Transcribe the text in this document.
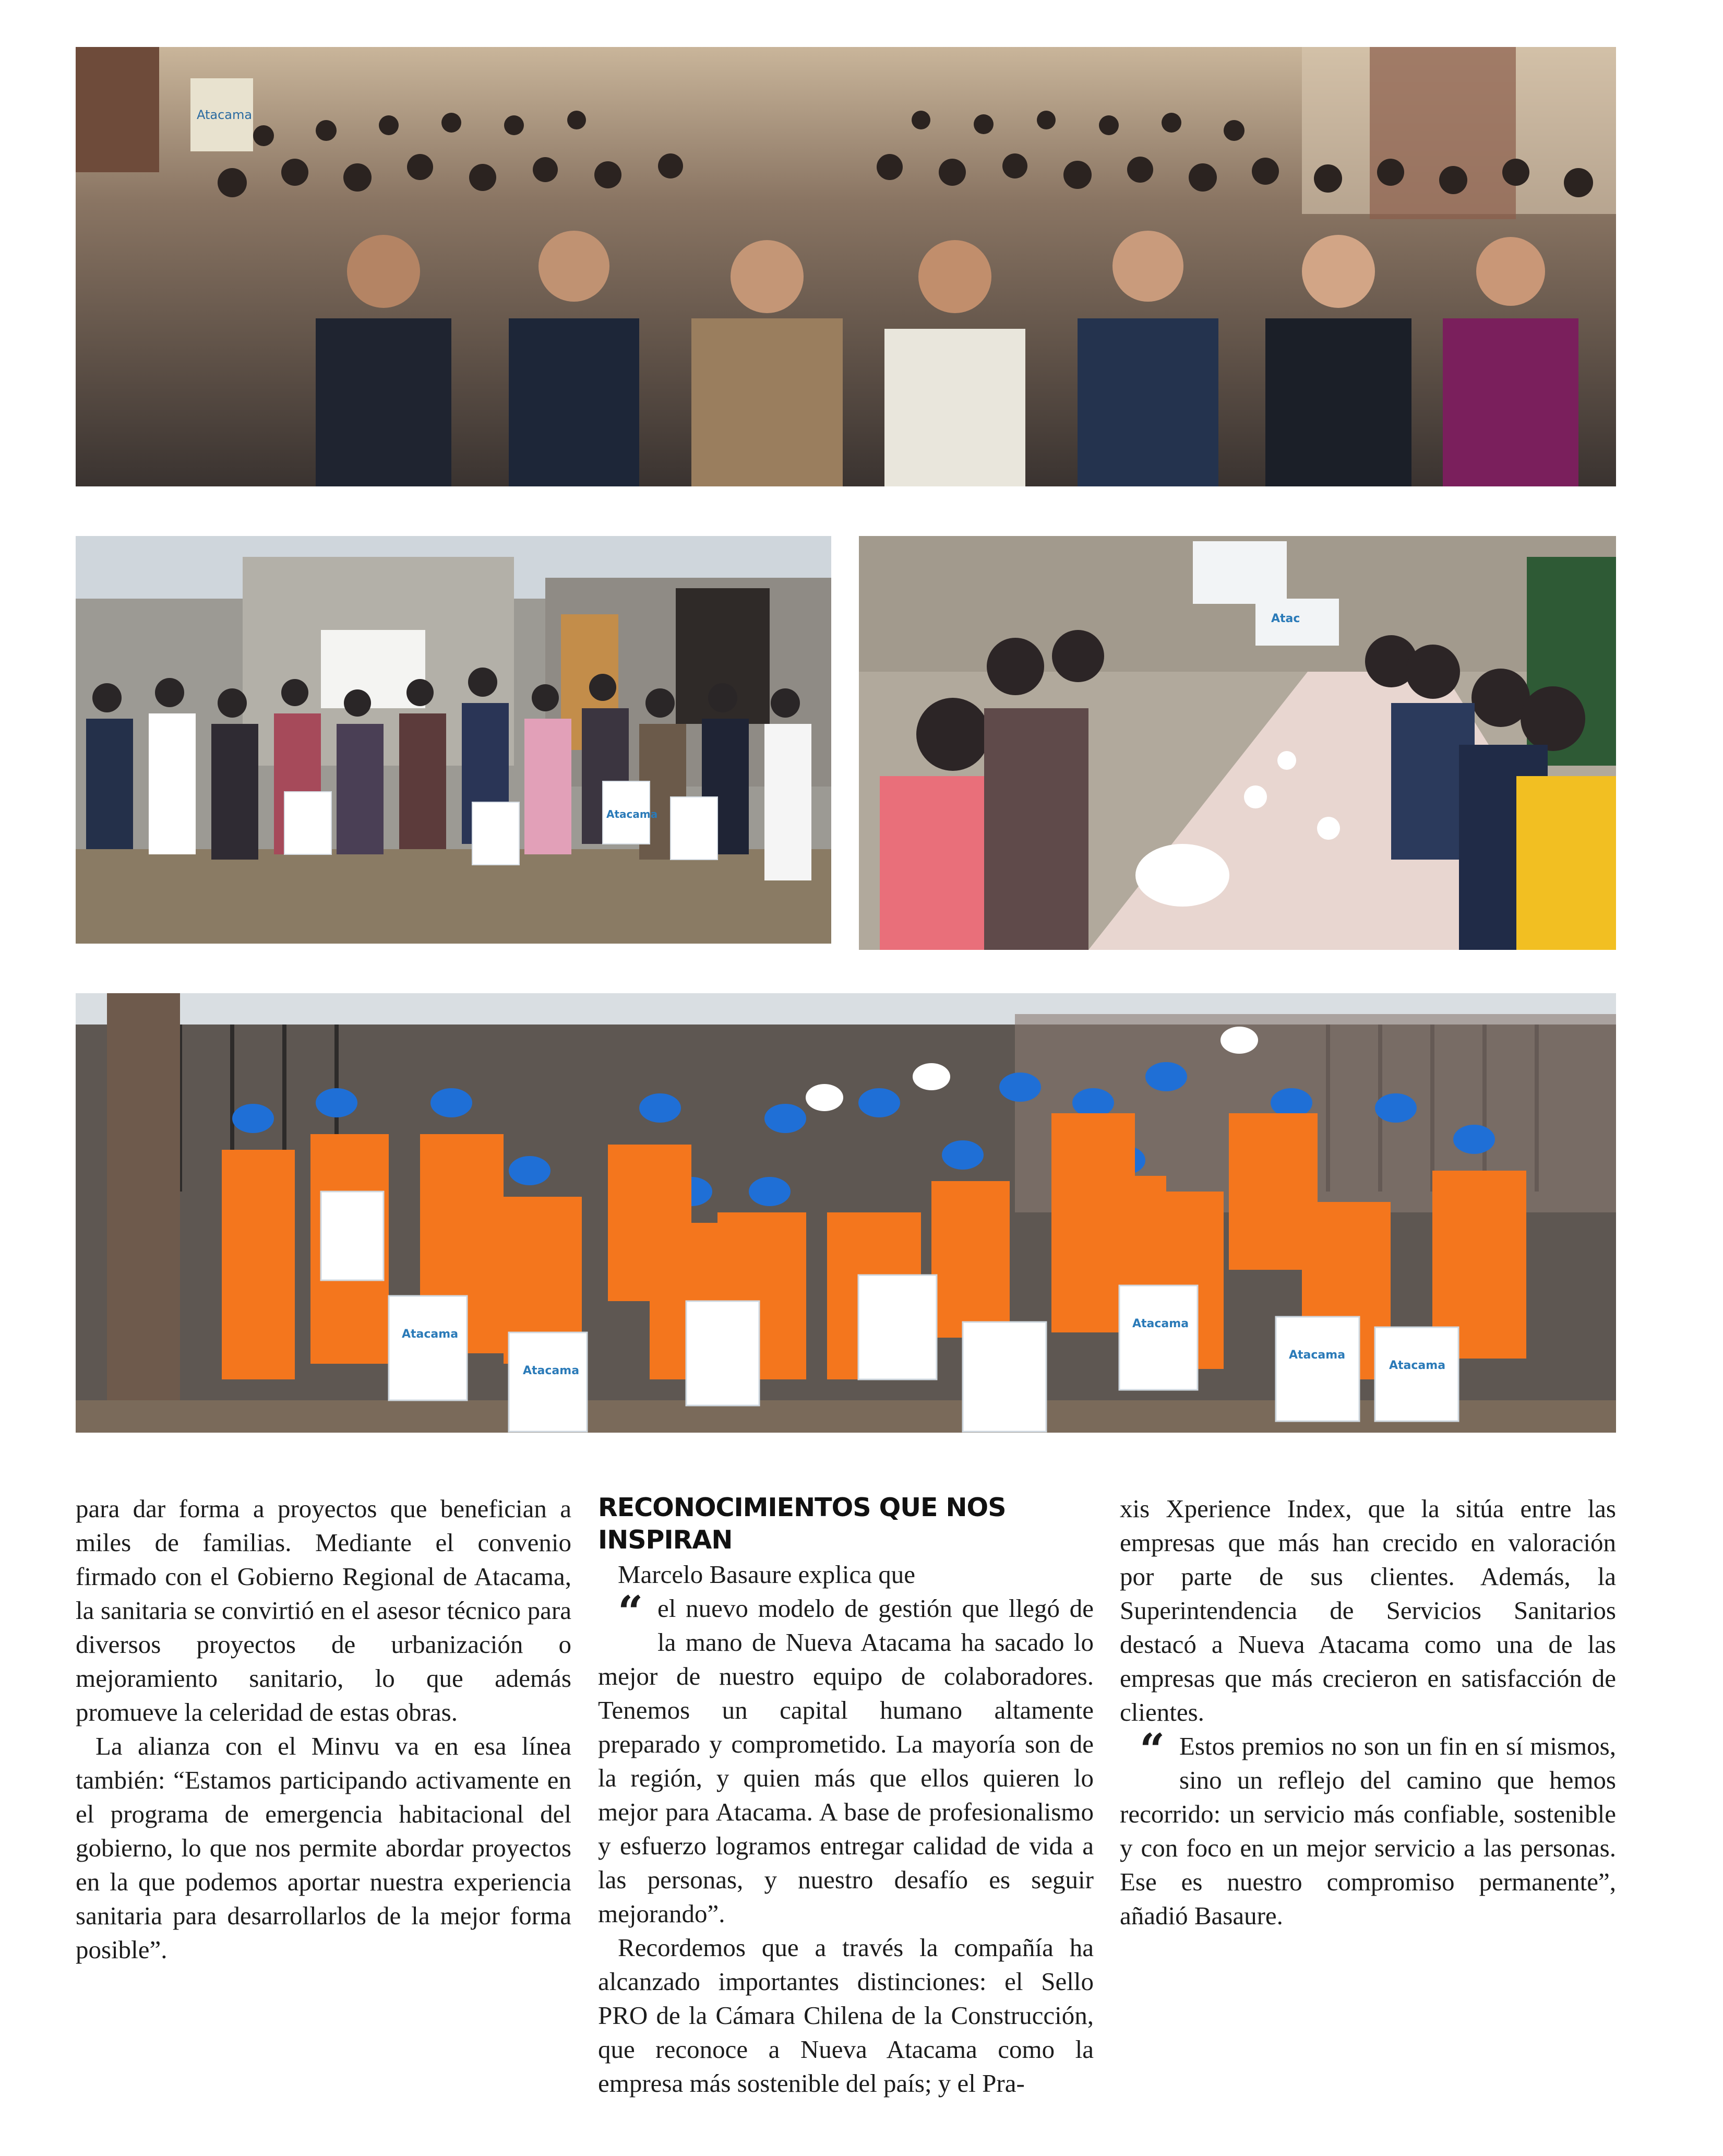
Atacama
Atacama
Atac
Atacama
Atacama
Atacama
Atacama
Atacama

para dar forma a proyectos que benefician a miles de familias. Mediante el convenio firmado con el Gobierno Regional de Atacama, la sanitaria se convirtió en el asesor técnico para diversos proyectos de urbanización o mejoramiento sanitario, lo que además promueve la celeridad de estas obras.

La alianza con el Minvu va en esa línea también: “Estamos participando activamente en el programa de emergencia habitacional del gobierno, lo que nos permite abordar proyectos en la que podemos aportar nuestra experiencia sanitaria para desarrollarlos de la mejor forma posible”.

RECONOCIMIENTOS QUE NOS INSPIRAN

Marcelo Basaure explica que

“ el nuevo modelo de gestión que llegó de la mano de Nueva Atacama ha sacado lo mejor de nuestro equipo de colaboradores. Tenemos un capital humano altamente preparado y comprometido. La mayoría son de la región, y quien más que ellos quieren lo mejor para Atacama. A base de profesionalismo y esfuerzo logramos entregar calidad de vida a las personas, y nuestro desafío es seguir mejorando”.

Recordemos que a través la compañía ha alcanzado importantes distinciones: el Sello PRO de la Cámara Chilena de la Construcción, que reconoce a Nueva Atacama como la empresa más sostenible del país; y el Pra-

xis Xperience Index, que la sitúa entre las empresas que más han crecido en valoración por parte de sus clientes. Además, la Superintendencia de Servicios Sanitarios destacó a Nueva Atacama como una de las empresas que más crecieron en satisfacción de clientes.

“ Estos premios no son un fin en sí mismos, sino un reflejo del camino que hemos recorrido: un servicio más confiable, sostenible y con foco en un mejor servicio a las personas. Ese es nuestro compromiso permanente”, añadió Basaure.
